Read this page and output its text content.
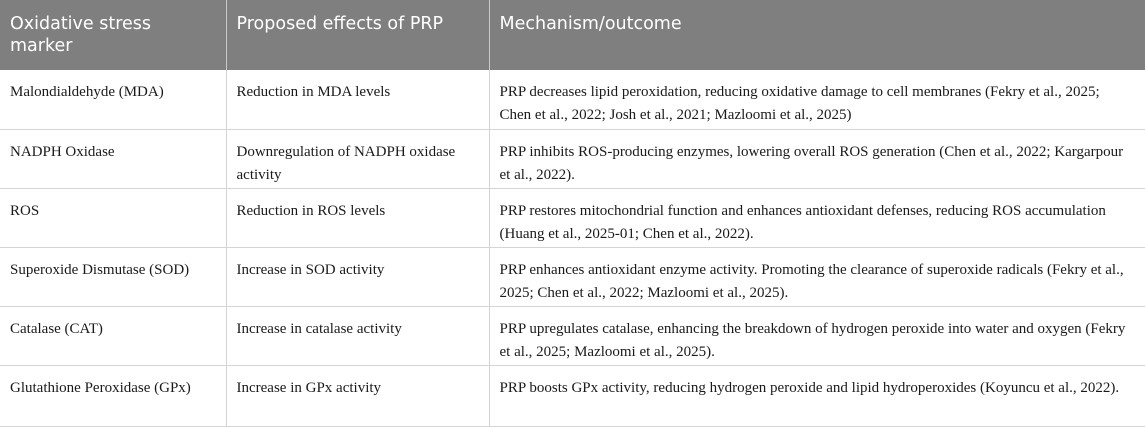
Oxidative stress marker	Proposed effects of PRP	Mechanism/outcome
Malondialdehyde (MDA)	Reduction in MDA levels	PRP decreases lipid peroxidation, reducing oxidative damage to cell membranes (Fekry et al., 2025; Chen et al., 2022; Josh et al., 2021; Mazloomi et al., 2025)
NADPH Oxidase	Downregulation of NADPH oxidase activity	PRP inhibits ROS-producing enzymes, lowering overall ROS generation (Chen et al., 2022; Kargarpour et al., 2022).
ROS	Reduction in ROS levels	PRP restores mitochondrial function and enhances antioxidant defenses, reducing ROS accumulation (Huang et al., 2025-01; Chen et al., 2022).
Superoxide Dismutase (SOD)	Increase in SOD activity	PRP enhances antioxidant enzyme activity. Promoting the clearance of superoxide radicals (Fekry et al., 2025; Chen et al., 2022; Mazloomi et al., 2025).
Catalase (CAT)	Increase in catalase activity	PRP upregulates catalase, enhancing the breakdown of hydrogen peroxide into water and oxygen (Fekry et al., 2025; Mazloomi et al., 2025).
Glutathione Peroxidase (GPx)	Increase in GPx activity	PRP boosts GPx activity, reducing hydrogen peroxide and lipid hydroperoxides (Koyuncu et al., 2022).
